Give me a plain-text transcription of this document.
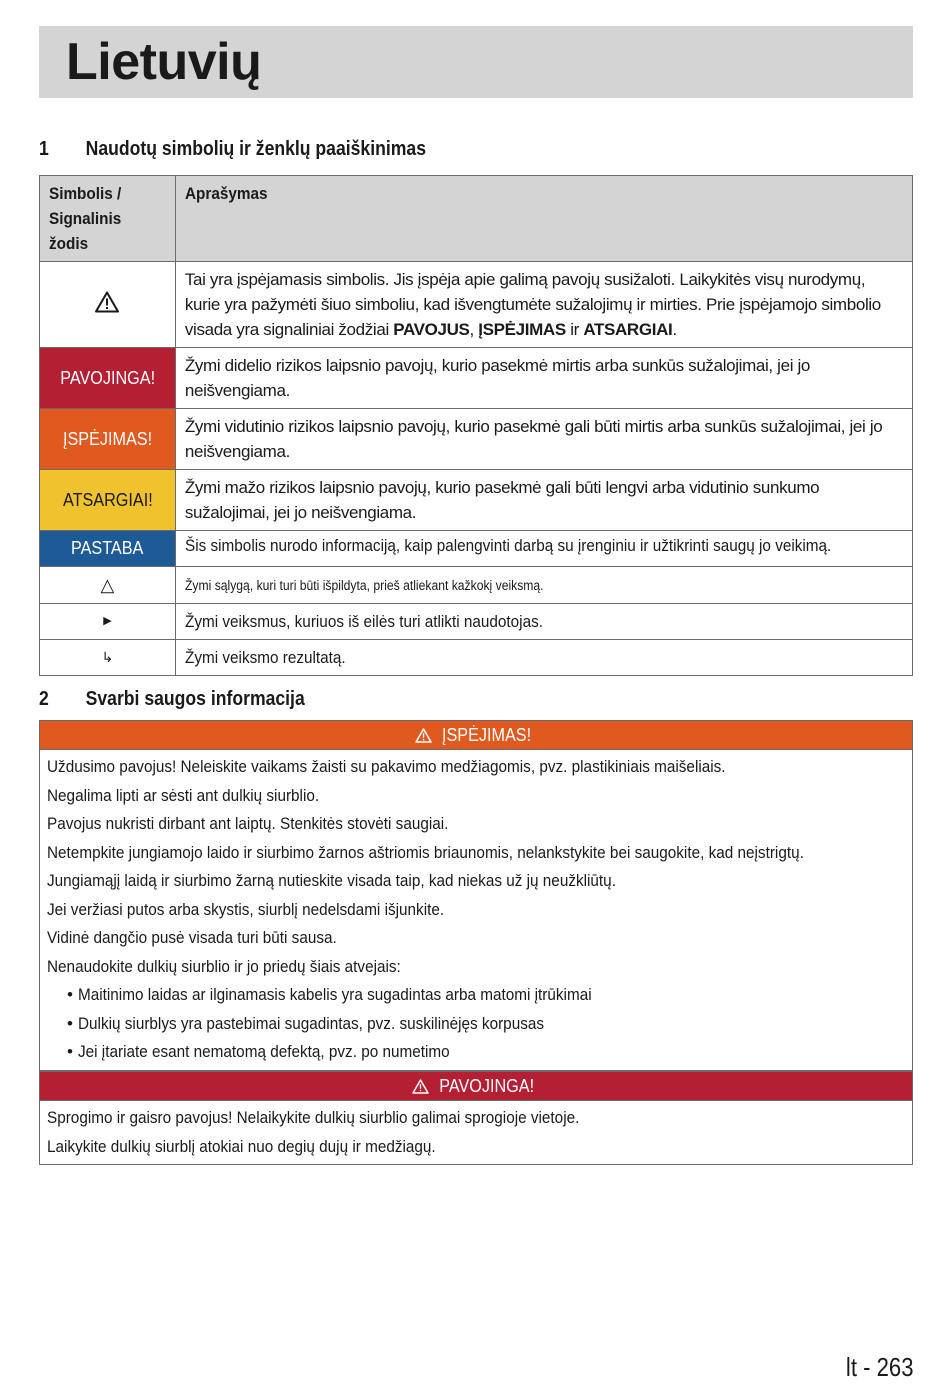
Lietuvių
1 Naudotų simbolių ir ženklų paaiškinimas
Simbolis / Signalinis žodis	Aprašymas
	Tai yra įspėjamasis simbolis. Jis įspėja apie galimą pavojų susižaloti. Laikykitės visų nurodymų, kurie yra pažymėti šiuo simboliu, kad išvengtumėte sužalojimų ir mirties. Prie įspėjamojo simbolio visada yra signaliniai žodžiai PAVOJUS, ĮSPĖJIMAS ir ATSARGIAI.
PAVOJINGA!	Žymi didelio rizikos laipsnio pavojų, kurio pasekmė mirtis arba sunkūs sužalojimai, jei jo neišvengiama.
ĮSPĖJIMAS!	Žymi vidutinio rizikos laipsnio pavojų, kurio pasekmė gali būti mirtis arba sunkūs sužalojimai, jei jo neišvengiama.
ATSARGIAI!	Žymi mažo rizikos laipsnio pavojų, kurio pasekmė gali būti lengvi arba vidutinio sunkumo sužalojimai, jei jo neišvengiama.
PASTABA	Šis simbolis nurodo informaciją, kaip palengvinti darbą su įrenginiu ir užtikrinti saugų jo veikimą.
△	Žymi sąlygą, kuri turi būti išpildyta, prieš atliekant kažkokį veiksmą.
▶	Žymi veiksmus, kuriuos iš eilės turi atlikti naudotojas.
↳	Žymi veiksmo rezultatą.
2 Svarbi saugos informacija
ĮSPĖJIMAS!
Uždusimo pavojus! Neleiskite vaikams žaisti su pakavimo medžiagomis, pvz. plastikiniais maišeliais.
Negalima lipti ar sėsti ant dulkių siurblio.
Pavojus nukristi dirbant ant laiptų. Stenkitės stovėti saugiai.
Netempkite jungiamojo laido ir siurbimo žarnos aštriomis briaunomis, nelankstykite bei saugokite, kad neįstrigtų.
Jungiamąjį laidą ir siurbimo žarną nutieskite visada taip, kad niekas už jų neužkliūtų.
Jei veržiasi putos arba skystis, siurblį nedelsdami išjunkite.
Vidinė dangčio pusė visada turi būti sausa.
Nenaudokite dulkių siurblio ir jo priedų šiais atvejais:
• Maitinimo laidas ar ilginamasis kabelis yra sugadintas arba matomi įtrūkimai
• Dulkių siurblys yra pastebimai sugadintas, pvz. suskilinėjęs korpusas
• Jei įtariate esant nematomą defektą, pvz. po numetimo
PAVOJINGA!
Sprogimo ir gaisro pavojus! Nelaikykite dulkių siurblio galimai sprogioje vietoje.
Laikykite dulkių siurblį atokiai nuo degių dujų ir medžiagų.
lt - 263
